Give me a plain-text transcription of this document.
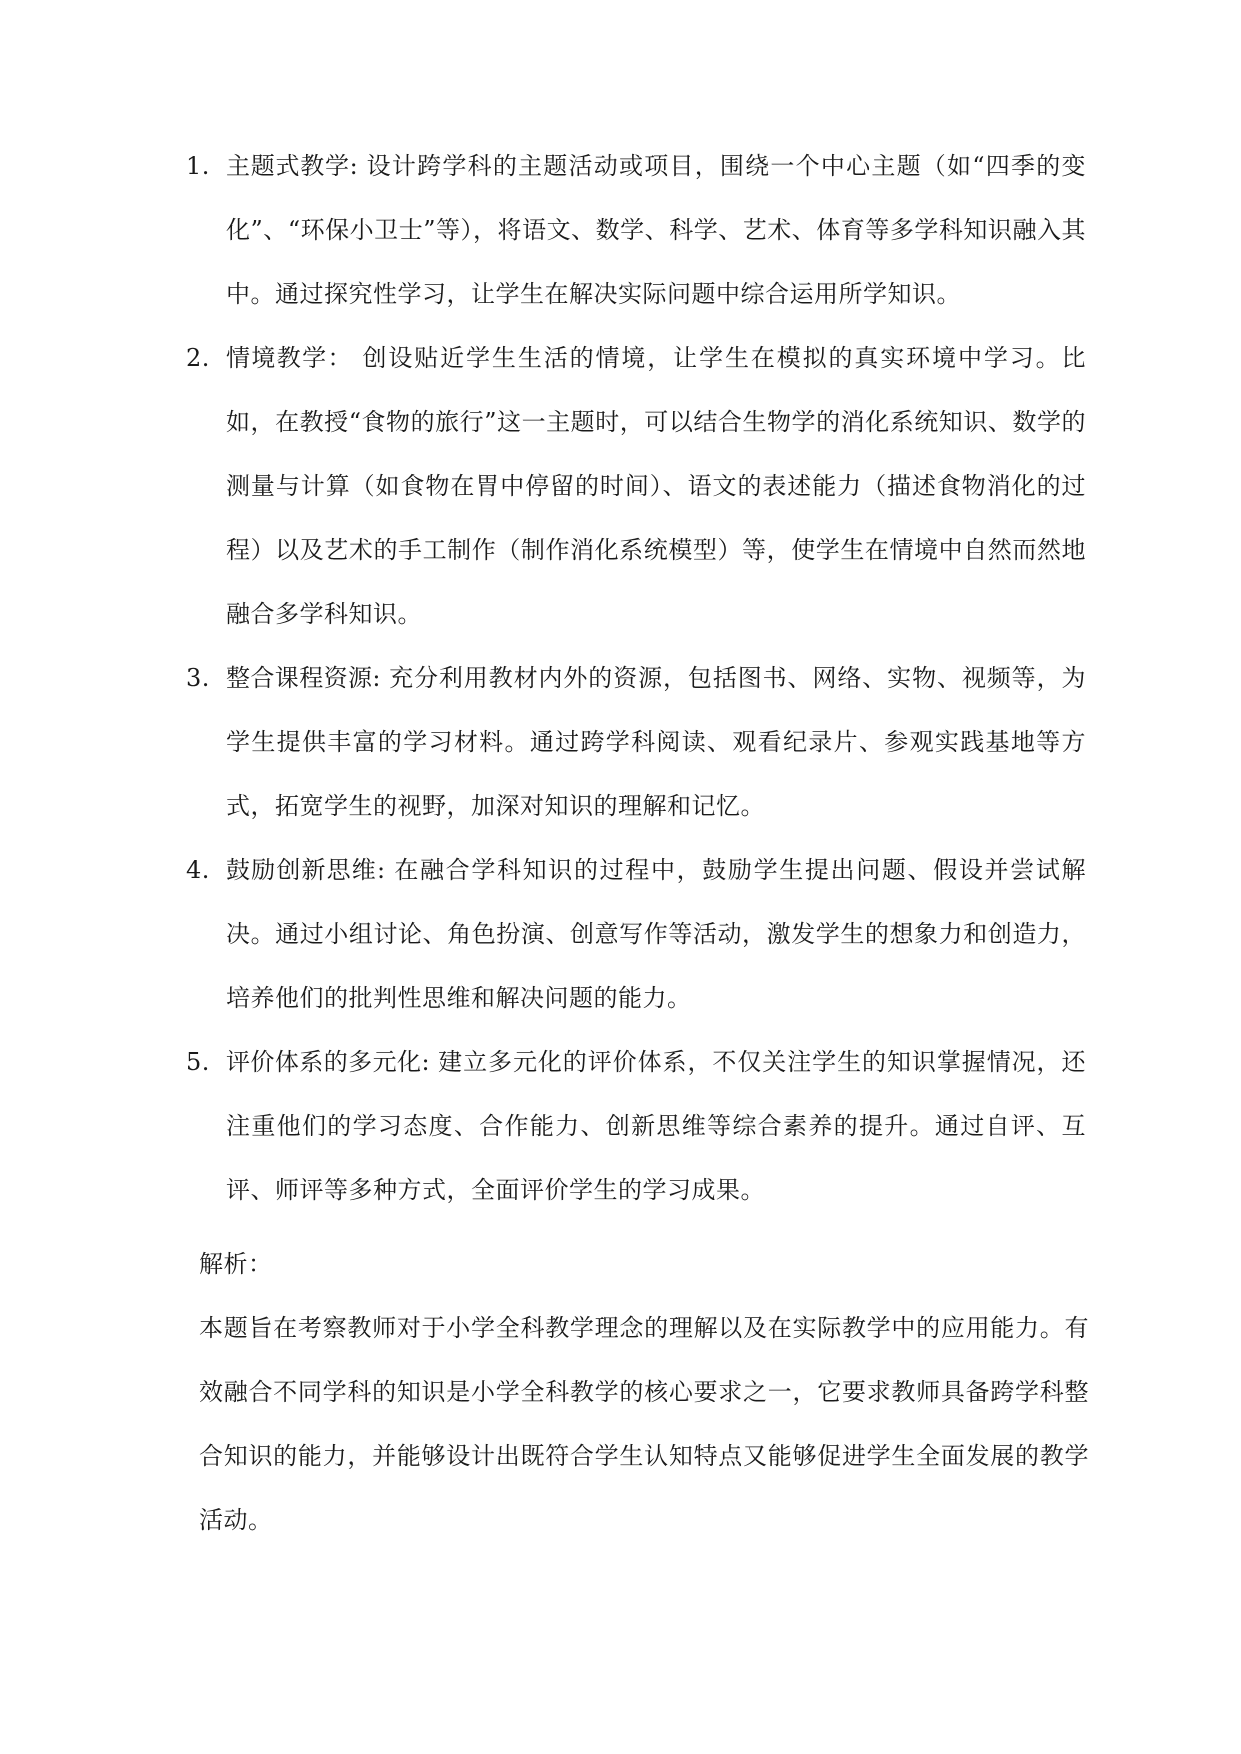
1. 主题式教学: 设计跨学科的主题活动或项目，围绕一个中心主题（如“四季的变化”、“环保小卫士”等），将语文、数学、科学、艺术、体育等多学科知识融入其中。通过探究性学习，让学生在解决实际问题中综合运用所学知识。
2. 情境教学： 创设贴近学生生活的情境，让学生在模拟的真实环境中学习。比如，在教授“食物的旅行”这一主题时，可以结合生物学的消化系统知识、数学的测量与计算（如食物在胃中停留的时间）、语文的表述能力（描述食物消化的过程）以及艺术的手工制作（制作消化系统模型）等，使学生在情境中自然而然地融合多学科知识。
3. 整合课程资源: 充分利用教材内外的资源，包括图书、网络、实物、视频等，为学生提供丰富的学习材料。通过跨学科阅读、观看纪录片、参观实践基地等方式，拓宽学生的视野，加深对知识的理解和记忆。
4. 鼓励创新思维: 在融合学科知识的过程中，鼓励学生提出问题、假设并尝试解决。通过小组讨论、角色扮演、创意写作等活动，激发学生的想象力和创造力，培养他们的批判性思维和解决问题的能力。
5. 评价体系的多元化: 建立多元化的评价体系，不仅关注学生的知识掌握情况，还注重他们的学习态度、合作能力、创新思维等综合素养的提升。通过自评、互评、师评等多种方式，全面评价学生的学习成果。
解析：
本题旨在考察教师对于小学全科教学理念的理解以及在实际教学中的应用能力。有效融合不同学科的知识是小学全科教学的核心要求之一，它要求教师具备跨学科整合知识的能力，并能够设计出既符合学生认知特点又能够促进学生全面发展的教学活动。
